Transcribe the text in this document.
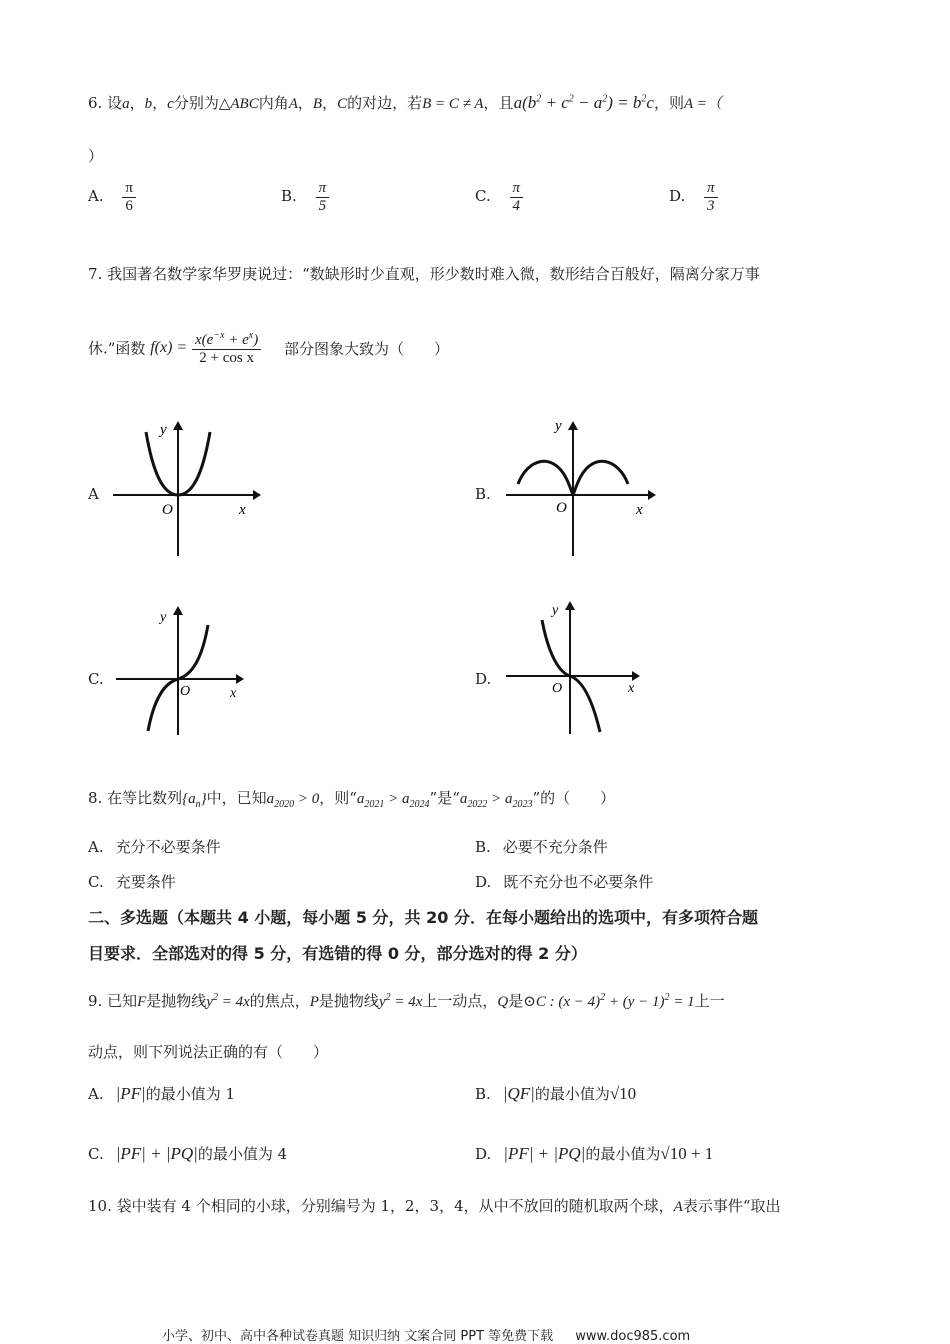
6. 设a，b，c分别为△ABC内角A，B，C的对边，若B = C ≠ A，且$a(b^2 + c^2 - a^2) = b^2c$，则A =（
）
A. $\frac{\pi}{6}$	B. $\frac{\pi}{5}$	C. $\frac{\pi}{4}$	D. $\frac{\pi}{3}$
7. 我国著名数学家华罗庚说过：“数缺形时少直观，形少数时难入微，数形结合百般好，隔离分家万事
休.”函数 $f(x) = \frac{x(e^{-x} + e^x)}{\text{2 + cos x}}$ 部分图象大致为（　　）
A	B.
C.	D.
y
x
O
y
x
O
y
x
O
y
x
O
8. 在等比数列$\{a_n\}$中，已知$a_{2020} > 0$，则“$a_{2021} > a_{2024}$”是“$a_{2022} > a_{2023}$”的（　　）
A. 充分不必要条件	B. 必要不充分条件
C. 充要条件	D. 既不充分也不必要条件
二、多选题（本题共 4 小题，每小题 5 分，共 20 分．在每小题给出的选项中，有多项符合题
目要求．全部选对的得 5 分，有选错的得 0 分，部分选对的得 2 分）
9. 已知F是抛物线$y^2 = 4x$的焦点，P是抛物线$y^2 = 4x$上一动点，Q是⊙C : $(x - 4)^2 + (y - 1)^2 = 1$上一
动点，则下列说法正确的有（　　）
A. |PF|的最小值为 1	B. |QF|的最小值为√10
C. |PF| + |PQ|的最小值为 4	D. |PF| + |PQ|的最小值为√10 + 1
10. 袋中装有 4 个相同的小球，分别编号为 1，2，3，4，从中不放回的随机取两个球，A表示事件“取出
小学、初中、高中各种试卷真题 知识归纳 文案合同 PPT 等免费下载 www.doc985.com
